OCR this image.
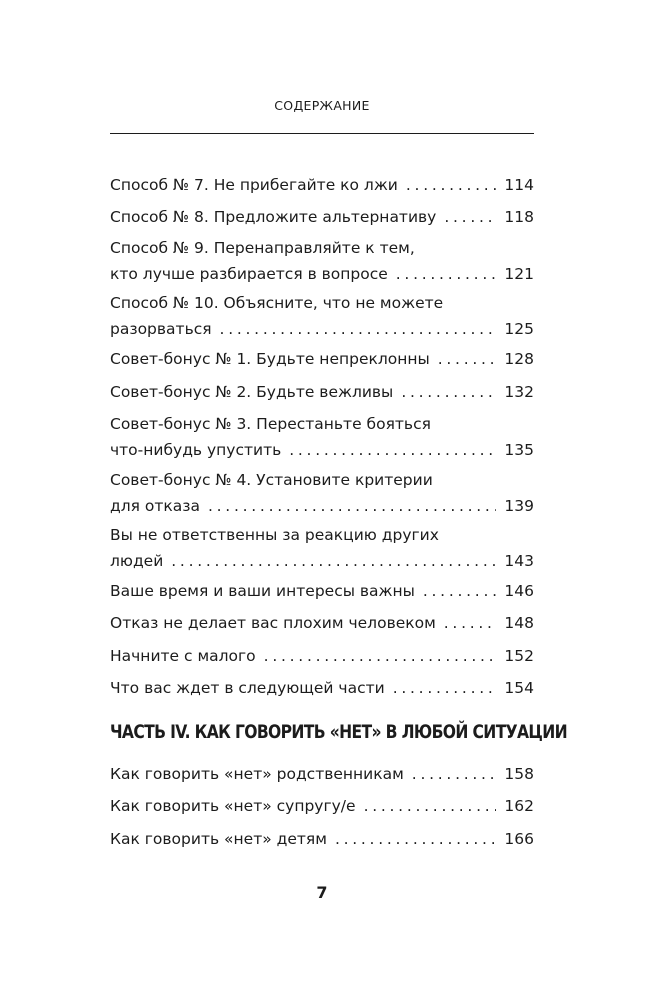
СОДЕРЖАНИЕ
Способ № 7. Не прибегайте ко лжи . . .	114
Способ № 8. Предложите альтернативу . . .	118
Способ № 9. Перенаправляйте к тем,
кто лучше разбирается в вопросе . . .	121
Способ № 10. Объясните, что не можете
разорваться . . .	125
Совет-бонус № 1. Будьте непреклонны . . .	128
Совет-бонус № 2. Будьте вежливы . . .	132
Совет-бонус № 3. Перестаньте бояться
что-нибудь упустить . . .	135
Совет-бонус № 4. Установите критерии
для отказа . . .	139
Вы не ответственны за реакцию других
людей . . .	143
Ваше время и ваши интересы важны . . .	146
Отказ не делает вас плохим человеком . . .	148
Начните с малого . . .	152
Что вас ждет в следующей части . . .	154
ЧАСТЬ IV. КАК ГОВОРИТЬ «НЕТ» В ЛЮБОЙ СИТУАЦИИ
Как говорить «нет» родственникам . . .	158
Как говорить «нет» супругу/е . . .	162
Как говорить «нет» детям . . .	166
7
